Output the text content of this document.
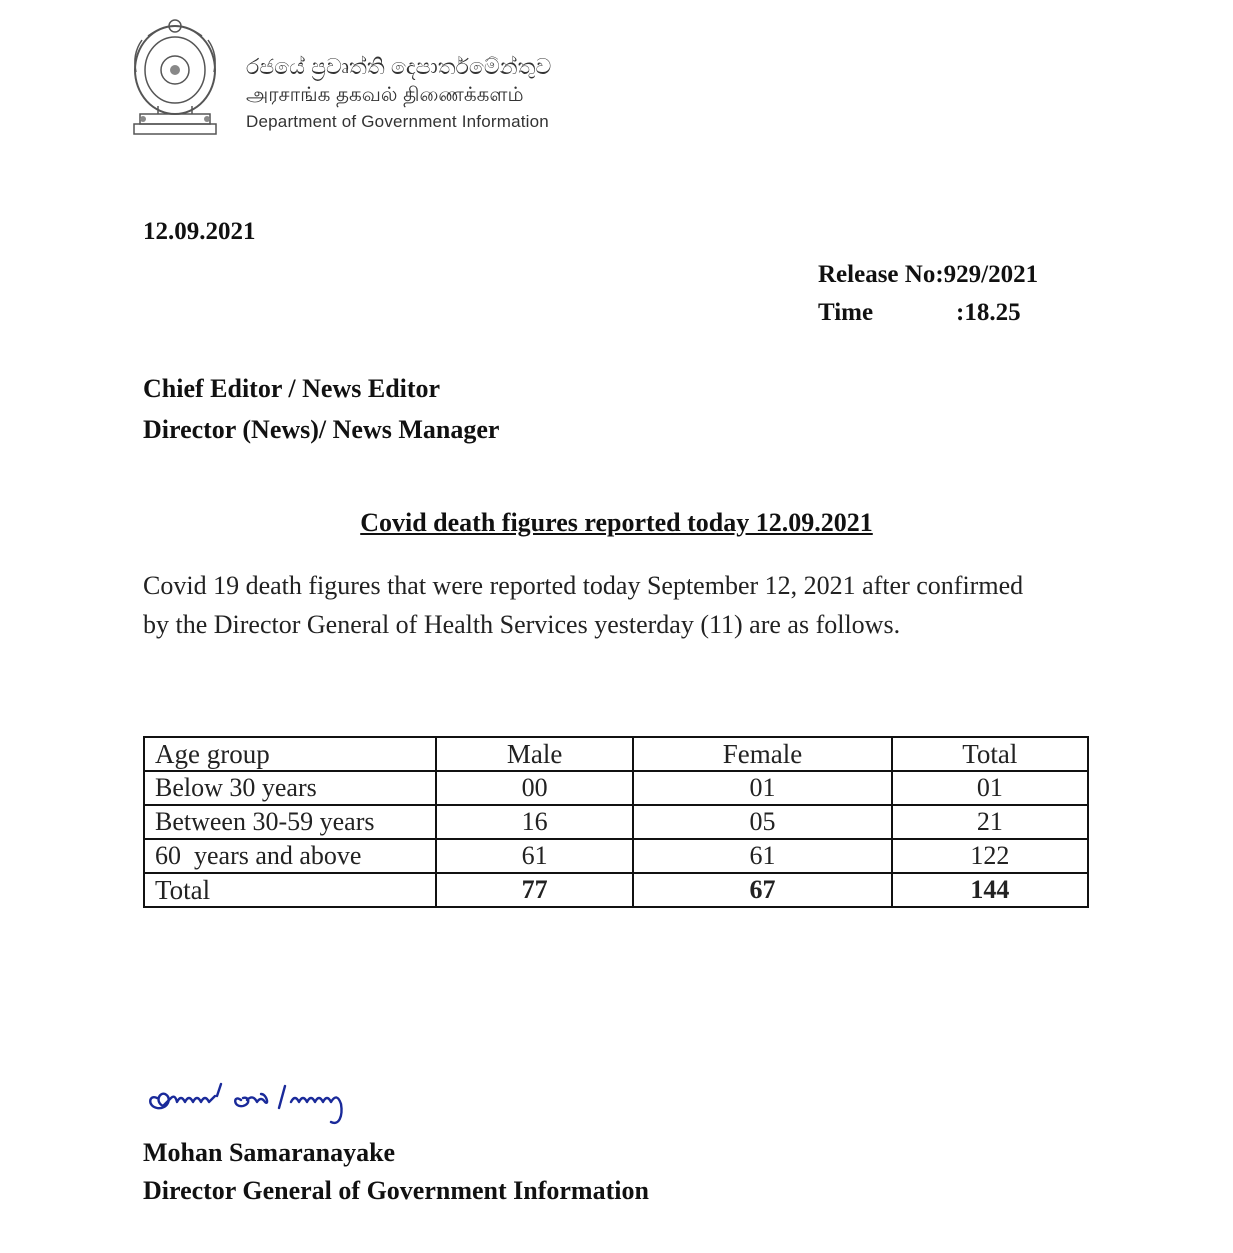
රජයේ ප්‍රවෘත්ති දෙපාර්තමේන්තුව
அரசாங்க தகவல் திணைக்களம்
Department of Government Information
12.09.2021
Release No:929/2021
Time	:18.25
Chief Editor / News Editor
Director (News)/ News Manager
Covid death figures reported today 12.09.2021
Covid 19 death figures that were reported today September 12, 2021 after confirmed by the Director General of Health Services yesterday (11) are as follows.
Age group	Male	Female	Total
Below 30 years	00	01	01
Between 30-59 years	16	05	21
60  years and above	61	61	122
Total	77	67	144
Mohan Samaranayake
Director General of Government Information
